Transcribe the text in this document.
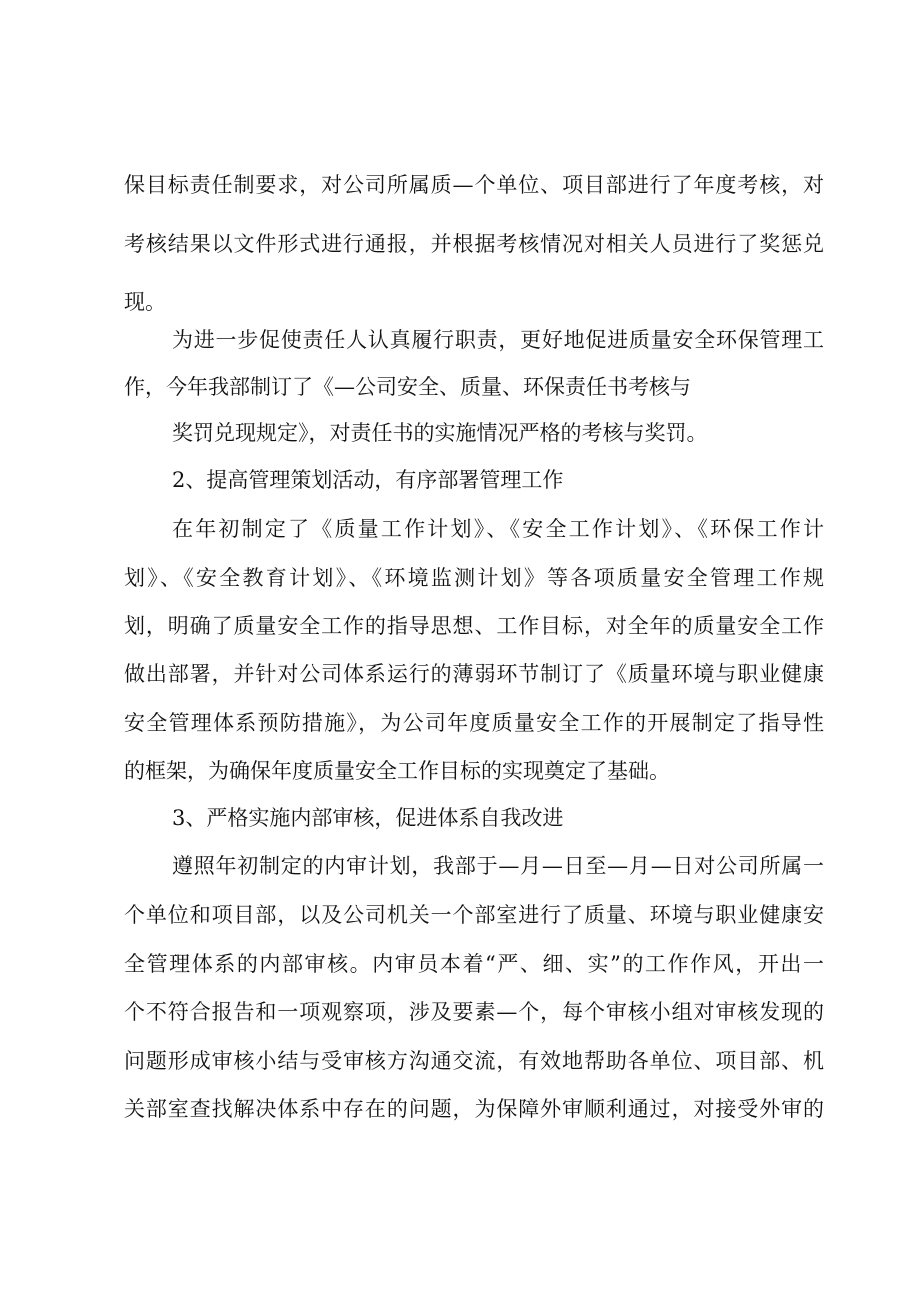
保目标责任制要求，对公司所属质—个单位、项目部进行了年度考核，对
考核结果以文件形式进行通报，并根据考核情况对相关人员进行了奖惩兑
现。
为进一步促使责任人认真履行职责，更好地促进质量安全环保管理工
作，今年我部制订了《—公司安全、质量、环保责任书考核与
奖罚兑现规定》，对责任书的实施情况严格的考核与奖罚。
2、提高管理策划活动，有序部署管理工作
在年初制定了《质量工作计划》、《安全工作计划》、《环保工作计
划》、《安全教育计划》、《环境监测计划》等各项质量安全管理工作规
划，明确了质量安全工作的指导思想、工作目标，对全年的质量安全工作
做出部署，并针对公司体系运行的薄弱环节制订了《质量环境与职业健康
安全管理体系预防措施》，为公司年度质量安全工作的开展制定了指导性
的框架，为确保年度质量安全工作目标的实现奠定了基础。
3、严格实施内部审核，促进体系自我改进
遵照年初制定的内审计划，我部于—月—日至—月—日对公司所属一
个单位和项目部，以及公司机关一个部室进行了质量、环境与职业健康安
全管理体系的内部审核。内审员本着“严、细、实”的工作作风，开出一
个不符合报告和一项观察项，涉及要素—个，每个审核小组对审核发现的
问题形成审核小结与受审核方沟通交流，有效地帮助各单位、项目部、机
关部室查找解决体系中存在的问题，为保障外审顺利通过，对接受外审的
